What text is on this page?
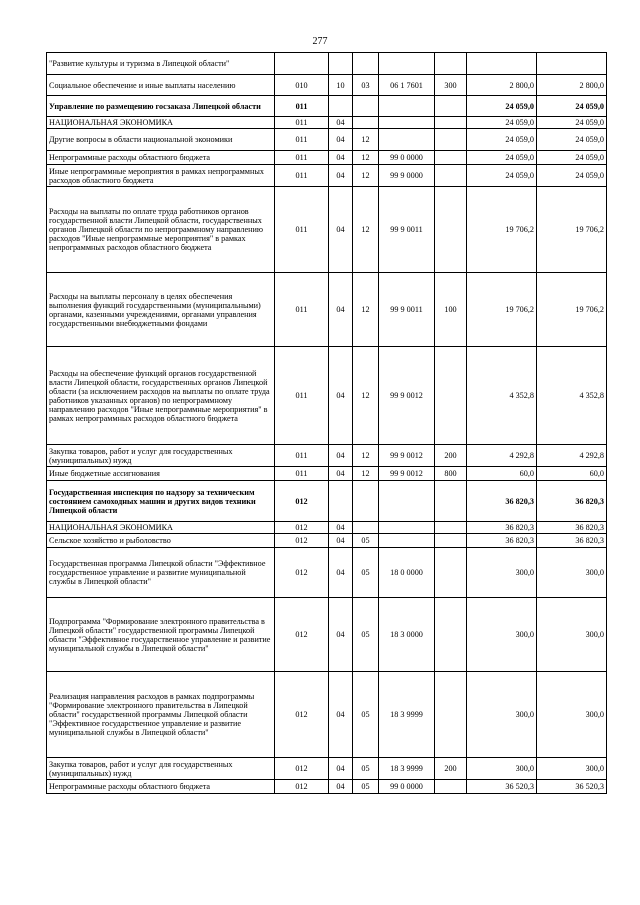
277
"Развитие культуры и туризма в Липецкой области"							
Социальное обеспечение и иные выплаты населению	010	10	03	06 1 7601	300	2 800,0	2 800,0
Управление по размещению госзаказа Липецкой области	011					24 059,0	24 059,0
НАЦИОНАЛЬНАЯ ЭКОНОМИКА	011	04				24 059,0	24 059,0
Другие вопросы в области национальной экономики	011	04	12			24 059,0	24 059,0
Непрограммные расходы областного бюджета	011	04	12	99 0 0000		24 059,0	24 059,0
Иные непрограммные мероприятия в рамках непрограммных расходов областного бюджета	011	04	12	99 9 0000		24 059,0	24 059,0
Расходы на выплаты по оплате труда работников органов государственной власти Липецкой области, государственных органов Липецкой области по непрограммному направлению расходов "Иные непрограммные мероприятия" в рамках непрограммных расходов областного бюджета	011	04	12	99 9 0011		19 706,2	19 706,2
Расходы на выплаты персоналу в целях обеспечения выполнения функций государственными (муниципальными) органами, казенными учреждениями, органами управления государственными внебюджетными фондами	011	04	12	99 9 0011	100	19 706,2	19 706,2
Расходы на обеспечение функций органов государственной власти Липецкой области, государственных органов Липецкой области (за исключением расходов на выплаты по оплате труда работников указанных органов) по непрограммному направлению расходов "Иные непрограммные мероприятия" в рамках непрограммных расходов областного бюджета	011	04	12	99 9 0012		4 352,8	4 352,8
Закупка товаров, работ и услуг для государственных (муниципальных) нужд	011	04	12	99 9 0012	200	4 292,8	4 292,8
Иные бюджетные ассигнования	011	04	12	99 9 0012	800	60,0	60,0
Государственная инспекция по надзору за техническим состоянием самоходных машин и других видов техники Липецкой области	012					36 820,3	36 820,3
НАЦИОНАЛЬНАЯ ЭКОНОМИКА	012	04				36 820,3	36 820,3
Сельское хозяйство и рыболовство	012	04	05			36 820,3	36 820,3
Государственная программа Липецкой области "Эффективное государственное управление и развитие муниципальной службы в Липецкой области"	012	04	05	18 0 0000		300,0	300,0
Подпрограмма "Формирование электронного правительства в Липецкой области" государственной программы Липецкой области "Эффективное государственное управление и развитие муниципальной службы в Липецкой области"	012	04	05	18 3 0000		300,0	300,0
Реализация направления расходов в рамках подпрограммы "Формирование электронного правительства в Липецкой области" государственной программы Липецкой области "Эффективное государственное управление и развитие муниципальной службы в Липецкой области"	012	04	05	18 3 9999		300,0	300,0
Закупка товаров, работ и услуг для государственных (муниципальных) нужд	012	04	05	18 3 9999	200	300,0	300,0
Непрограммные расходы областного бюджета	012	04	05	99 0 0000		36 520,3	36 520,3
